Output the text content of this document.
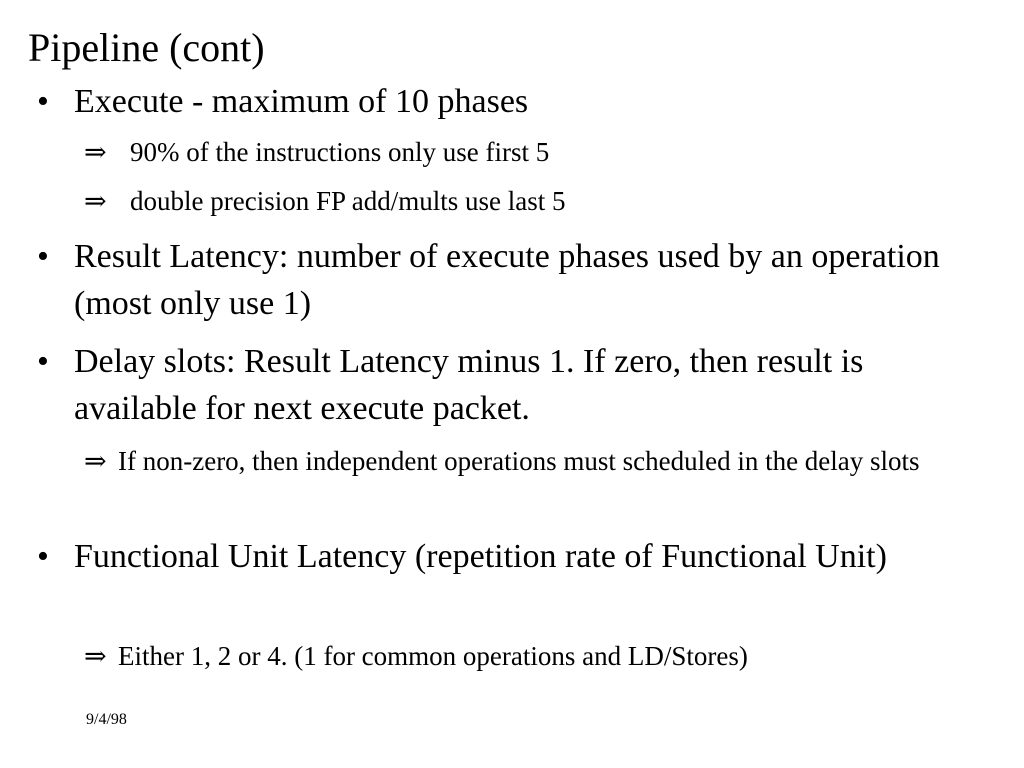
Pipeline (cont)
• Execute - maximum of 10 phases
⇒ 90% of the instructions only use first 5
⇒ double precision FP add/mults use last 5
• Result Latency: number of execute phases used by an operation (most only use 1)
• Delay slots: Result Latency minus 1. If zero, then result is available for next execute packet.
⇒ If non-zero, then independent operations must scheduled in the delay slots
• Functional Unit Latency (repetition rate of Functional Unit)
⇒ Either 1, 2 or 4. (1 for common operations and LD/Stores)
9/4/98
